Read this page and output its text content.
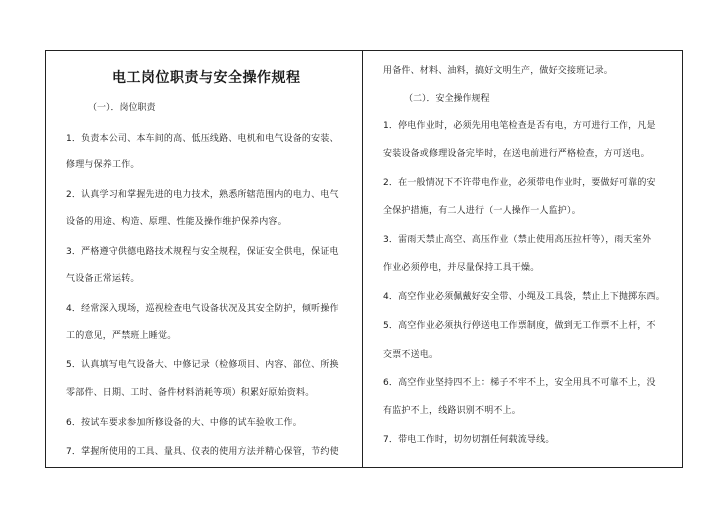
电工岗位职责与安全操作规程
（一）．岗位职责
1．负责本公司、本车间的高、低压线路、电机和电气设备的安装、
修理与保养工作。
2．认真学习和掌握先进的电力技术，熟悉所辖范围内的电力、电气
设备的用途、构造、原理、性能及操作维护保养内容。
3．严格遵守供德电路技术规程与安全规程，保证安全供电，保证电
气设备正常运转。
4．经常深入现场，巡视检查电气设备状况及其安全防护，倾听操作
工的意见，严禁班上睡觉。
5．认真填写电气设备大、中修记录（检修项目、内容、部位、所换
零部件、日期、工时、备件材料消耗等项）积累好原始资料。
6．按试车要求参加所修设备的大、中修的试车验收工作。
7．掌握所使用的工具、量具、仪表的使用方法并精心保管，节约使
用备件、材料、油料，搞好文明生产，做好交接班记录。
（二）．安全操作规程
1．停电作业时，必须先用电笔检查是否有电，方可进行工作，凡是
安装设备或修理设备完毕时，在送电前进行严格检查，方可送电。
2．在一般情况下不许带电作业，必须带电作业时，要做好可靠的安
全保护措施，有二人进行（一人操作一人监护）。
3．雷雨天禁止高空、高压作业（禁止使用高压拉杆等），雨天室外
作业必须停电，并尽量保持工具干燥。
4．高空作业必须佩戴好安全带、小绳及工具袋，禁止上下抛掷东西。
5．高空作业必须执行停送电工作票制度，做到无工作票不上杆，不
交票不送电。
6．高空作业坚持四不上：梯子不牢不上，安全用具不可靠不上，没
有监护不上，线路识别不明不上。
7．带电工作时，切勿切割任何载流导线。
